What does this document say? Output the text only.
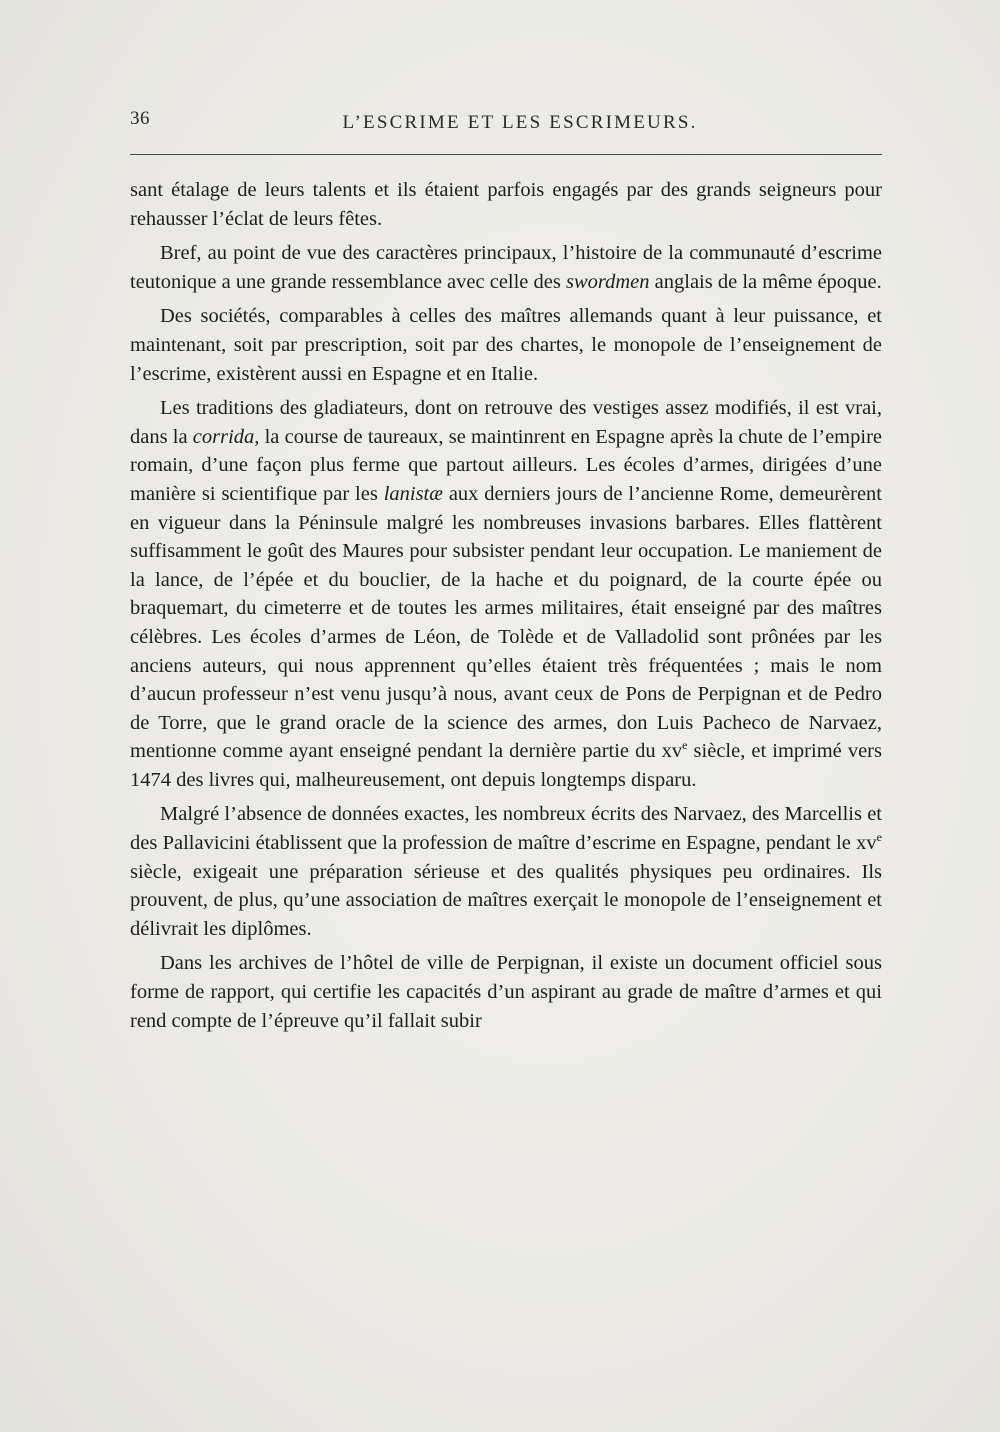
36	L’ESCRIME ET LES ESCRIMEURS.

sant étalage de leurs talents et ils étaient parfois engagés par des grands seigneurs pour rehausser l’éclat de leurs fêtes.

Bref, au point de vue des caractères principaux, l’histoire de la communauté d’escrime teutonique a une grande ressemblance avec celle des swordmen anglais de la même époque.

Des sociétés, comparables à celles des maîtres allemands quant à leur puissance, et maintenant, soit par prescription, soit par des chartes, le monopole de l’enseignement de l’escrime, existèrent aussi en Espagne et en Italie.

Les traditions des gladiateurs, dont on retrouve des vestiges assez modifiés, il est vrai, dans la corrida, la course de taureaux, se maintinrent en Espagne après la chute de l’empire romain, d’une façon plus ferme que partout ailleurs. Les écoles d’armes, dirigées d’une manière si scientifique par les lanistæ aux derniers jours de l’ancienne Rome, demeurèrent en vigueur dans la Péninsule malgré les nombreuses invasions barbares. Elles flattèrent suffisamment le goût des Maures pour subsister pendant leur occupation. Le maniement de la lance, de l’épée et du bouclier, de la hache et du poignard, de la courte épée ou braquemart, du cimeterre et de toutes les armes militaires, était enseigné par des maîtres célèbres. Les écoles d’armes de Léon, de Tolède et de Valladolid sont prônées par les anciens auteurs, qui nous apprennent qu’elles étaient très fréquentées ; mais le nom d’aucun professeur n’est venu jusqu’à nous, avant ceux de Pons de Perpignan et de Pedro de Torre, que le grand oracle de la science des armes, don Luis Pacheco de Narvaez, mentionne comme ayant enseigné pendant la dernière partie du $xv^e$ siècle, et imprimé vers 1474 des livres qui, malheureusement, ont depuis longtemps disparu.

Malgré l’absence de données exactes, les nombreux écrits des Narvaez, des Marcellis et des Pallavicini établissent que la profession de maître d’escrime en Espagne, pendant le $xv^e$ siècle, exigeait une préparation sérieuse et des qualités physiques peu ordinaires. Ils prouvent, de plus, qu’une association de maîtres exerçait le monopole de l’enseignement et délivrait les diplômes.

Dans les archives de l’hôtel de ville de Perpignan, il existe un document officiel sous forme de rapport, qui certifie les capacités d’un aspirant au grade de maître d’armes et qui rend compte de l’épreuve qu’il fallait subir
